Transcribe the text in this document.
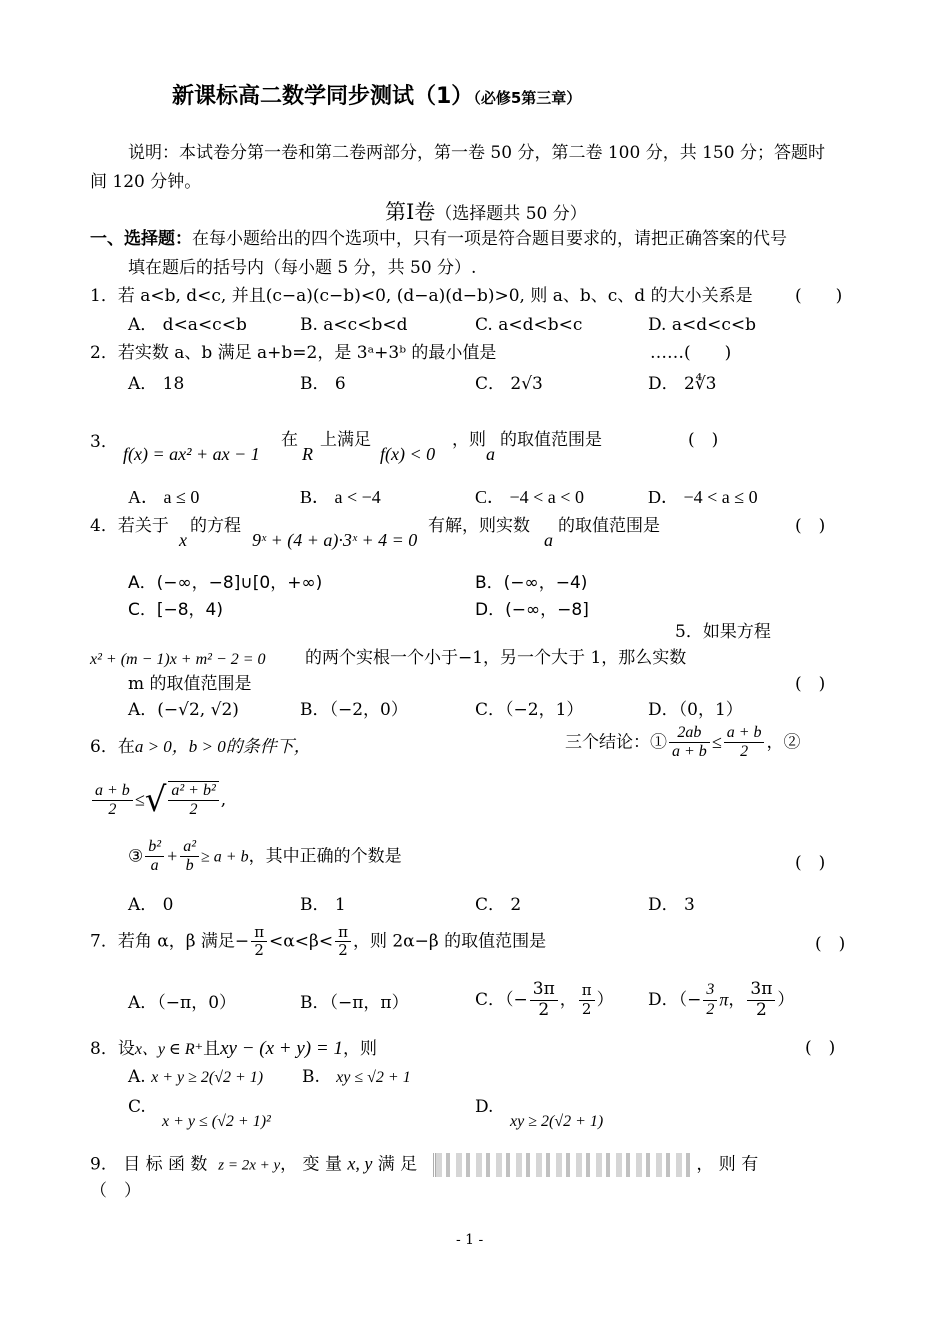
新课标高二数学同步测试（1）（必修5第三章）
说明：本试卷分第一卷和第二卷两部分，第一卷 50 分，第二卷 100 分，共 150 分；答题时
间 120 分钟。
第Ⅰ卷（选择题共 50 分）
一、选择题：在每小题给出的四个选项中，只有一项是符合题目要求的，请把正确答案的代号
填在题后的括号内（每小题 5 分，共 50 分）.
1．若 a<b, d<c, 并且(c−a)(c−b)<0, (d−a)(d−b)>0, 则 a、b、c、d 的大小关系是 (　　)
A． d<a<c<b	B. a<c<b<d	C. a<d<b<c	D. a<d<c<b
2．若实数 a、b 满足 a+b=2，是 3ᵃ+3ᵇ 的最小值是	……(　　)
A． 18	B． 6	C． 2√3	D． 2∜3
3．
f(x) = ax² + ax − 1
在
R
上满足
f(x) < 0
，则
a
的取值范围是	(　)
A． a ≤ 0	B． a < −4	C． −4 < a < 0	D． −4 < a ≤ 0
4．若关于
x
的方程
9ˣ + (4 + a)·3ˣ + 4 = 0
有解，则实数
a
的取值范围是	(　)
A．(−∞，−8]∪[0，+∞)	B．(−∞，−4)
C．[−8，4)	D．(−∞，−8]
5．如果方程
x² + (m − 1)x + m² − 2 = 0 的两个实根一个小于−1，另一个大于 1，那么实数
m 的取值范围是	(　)
A．(−√2, √2)	B．（−2，0）	C．（−2，1）	D．（0，1）
6．在a > 0，b > 0的条件下，	三个结论：① $\frac{2ab}{a + b} \le \frac{a + b}{2}$ ，②
$\frac{a + b}{2}$ ≤√ $\frac{\text{a² + b²}}{2}$ ,
③ $\frac{\text{b²}}{a} + \frac{\text{a²}}{b} \ge a + b$，其中正确的个数是	(　)
A． 0	B． 1	C． 2	D． 3
7．若角 α，β 满足− $\frac{\pi}{2} <\alpha<\beta< \frac{\pi}{2}$ ，则 2α−β 的取值范围是	(　)
A．（−π，0）	B．（−π，π）	C．（− $\frac{3\pi}{2}$ ， $\frac{\pi}{2}$ ） D．（− $\frac{3}{2}$ π， $\frac{3\pi}{2}$ ）
8．设x、y ∈ R⁺且xy − (x + y) = 1，则	(　)
A. x + y ≥ 2(√2 + 1) B. xy ≤ √2 + 1
C.
x + y ≤ (√2 + 1)²
D.
xy ≥ 2(√2 + 1)
9． 目 标 函 数 z = 2x + y， 变 量 x, y 满 足	， 则 有
（　）
- 1 -
